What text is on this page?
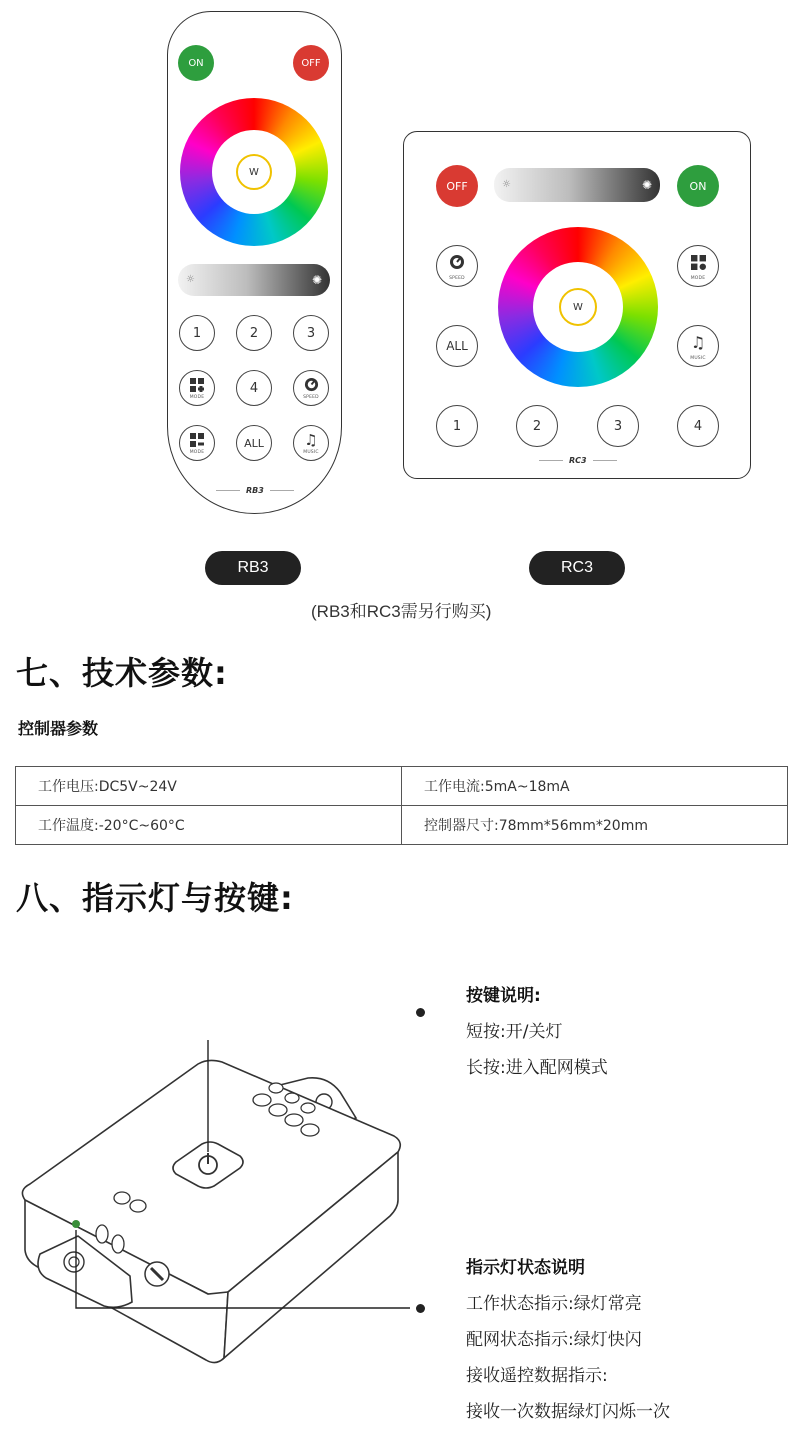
ON	OFF
W
☼	✺
1	2	3
MODE
4
SPEED
MODE
ALL	♫
MUSIC
RB3
OFF	☼	✺	ON
SPEED	MODE
W
ALL	♫
MUSIC
1	2	3	4
RC3
RB3	RC3
(RB3和RC3需另行购买)
七、技术参数:
控制器参数
工作电压:DC5V~24V	工作电流:5mA~18mA
工作温度:-20°C~60°C	控制器尺寸:78mm*56mm*20mm
八、指示灯与按键:
按键说明:
短按:开/关灯
长按:进入配网模式
指示灯状态说明
工作状态指示:绿灯常亮
配网状态指示:绿灯快闪
接收遥控数据指示:
接收一次数据绿灯闪烁一次
